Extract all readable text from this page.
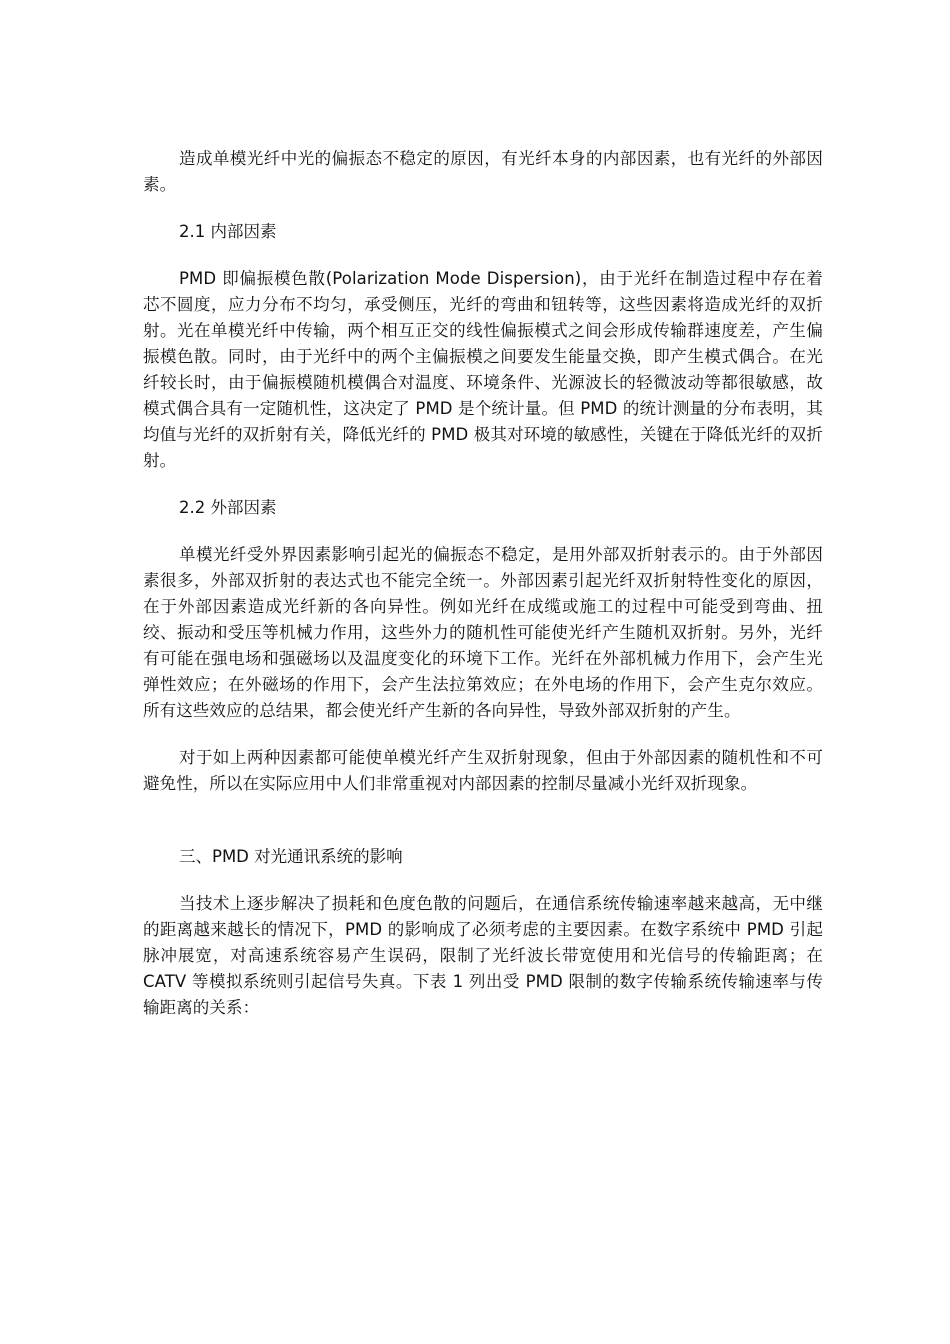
造成单模光纤中光的偏振态不稳定的原因，有光纤本身的内部因素，也有光纤的外部因素。

2.1 内部因素

PMD 即偏振模色散(Polarization Mode Dispersion)，由于光纤在制造过程中存在着芯不圆度，应力分布不均匀，承受侧压，光纤的弯曲和钮转等，这些因素将造成光纤的双折射。光在单模光纤中传输，两个相互正交的线性偏振模式之间会形成传输群速度差，产生偏振模色散。同时，由于光纤中的两个主偏振模之间要发生能量交换，即产生模式偶合。在光纤较长时，由于偏振模随机模偶合对温度、环境条件、光源波长的轻微波动等都很敏感，故模式偶合具有一定随机性，这决定了 PMD 是个统计量。但 PMD 的统计测量的分布表明，其均值与光纤的双折射有关，降低光纤的 PMD 极其对环境的敏感性，关键在于降低光纤的双折射。

2.2 外部因素

单模光纤受外界因素影响引起光的偏振态不稳定，是用外部双折射表示的。由于外部因素很多，外部双折射的表达式也不能完全统一。外部因素引起光纤双折射特性变化的原因，在于外部因素造成光纤新的各向异性。例如光纤在成缆或施工的过程中可能受到弯曲、扭绞、振动和受压等机械力作用，这些外力的随机性可能使光纤产生随机双折射。另外，光纤有可能在强电场和强磁场以及温度变化的环境下工作。光纤在外部机械力作用下，会产生光弹性效应；在外磁场的作用下，会产生法拉第效应；在外电场的作用下，会产生克尔效应。所有这些效应的总结果，都会使光纤产生新的各向异性，导致外部双折射的产生。

对于如上两种因素都可能使单模光纤产生双折射现象，但由于外部因素的随机性和不可避免性，所以在实际应用中人们非常重视对内部因素的控制尽量减小光纤双折现象。

三、PMD 对光通讯系统的影响

当技术上逐步解决了损耗和色度色散的问题后，在通信系统传输速率越来越高，无中继的距离越来越长的情况下，PMD 的影响成了必须考虑的主要因素。在数字系统中 PMD 引起脉冲展宽，对高速系统容易产生误码，限制了光纤波长带宽使用和光信号的传输距离；在 CATV 等模拟系统则引起信号失真。下表 1 列出受 PMD 限制的数字传输系统传输速率与传输距离的关系：
